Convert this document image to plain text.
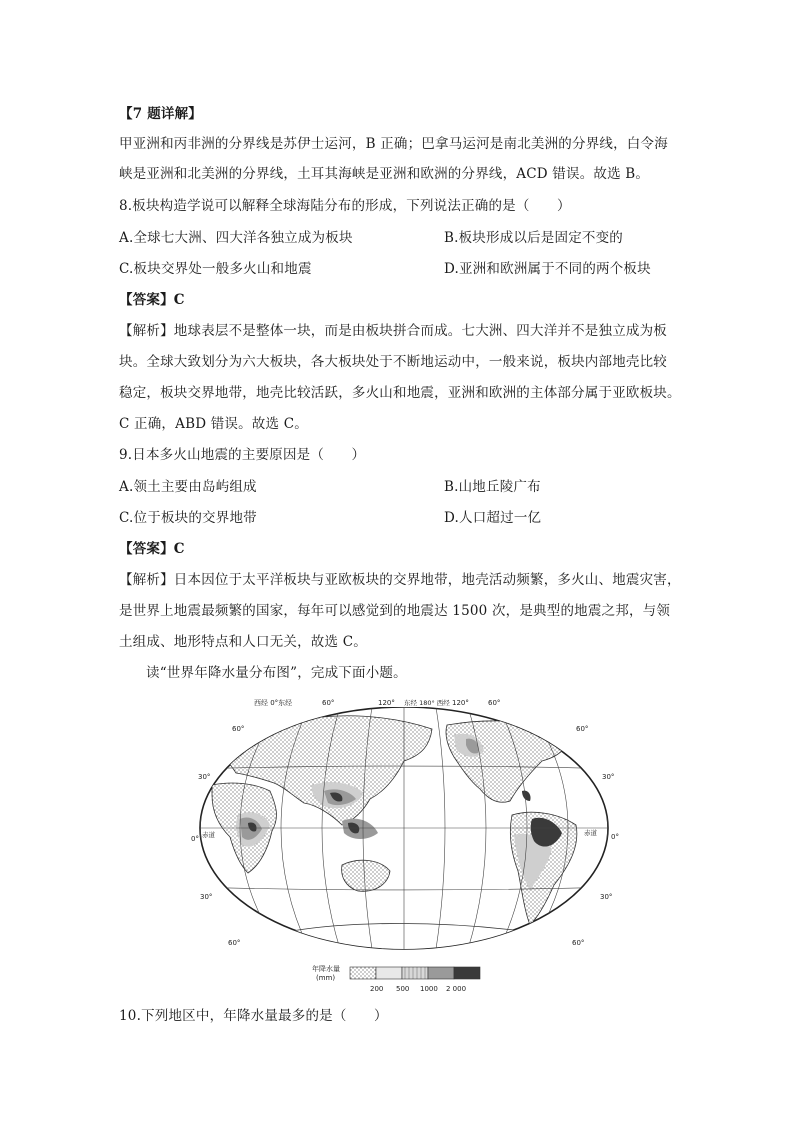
【7 题详解】
甲亚洲和丙非洲的分界线是苏伊士运河，B 正确；巴拿马运河是南北美洲的分界线，白令海
峡是亚洲和北美洲的分界线，土耳其海峡是亚洲和欧洲的分界线，ACD 错误。故选 B。
8.板块构造学说可以解释全球海陆分布的形成，下列说法正确的是（　　）
A.全球七大洲、四大洋各独立成为板块	B.板块形成以后是固定不变的
C.板块交界处一般多火山和地震	D.亚洲和欧洲属于不同的两个板块
【答案】C
【解析】地球表层不是整体一块，而是由板块拼合而成。七大洲、四大洋并不是独立成为板
块。全球大致划分为六大板块，各大板块处于不断地运动中，一般来说，板块内部地壳比较
稳定，板块交界地带，地壳比较活跃，多火山和地震，亚洲和欧洲的主体部分属于亚欧板块。
C 正确，ABD 错误。故选 C。
9.日本多火山地震的主要原因是（　　）
A.领土主要由岛屿组成	B.山地丘陵广布
C.位于板块的交界地带	D.人口超过一亿
【答案】C
【解析】日本因位于太平洋板块与亚欧板块的交界地带，地壳活动频繁，多火山、地震灾害，
是世界上地震最频繁的国家，每年可以感觉到的地震达 1500 次，是典型的地震之邦，与领
土组成、地形特点和人口无关，故选 C。
读“世界年降水量分布图”，完成下面小题。
西经 0°东经	60°	120° 东经 180° 西经 120°	60°
60°
30°
0°
30°
60°
60°
30°
0°
30°
60°
赤道	赤道
年降水量
(mm)
200 500 1000 2 000
10.下列地区中，年降水量最多的是（　　）
